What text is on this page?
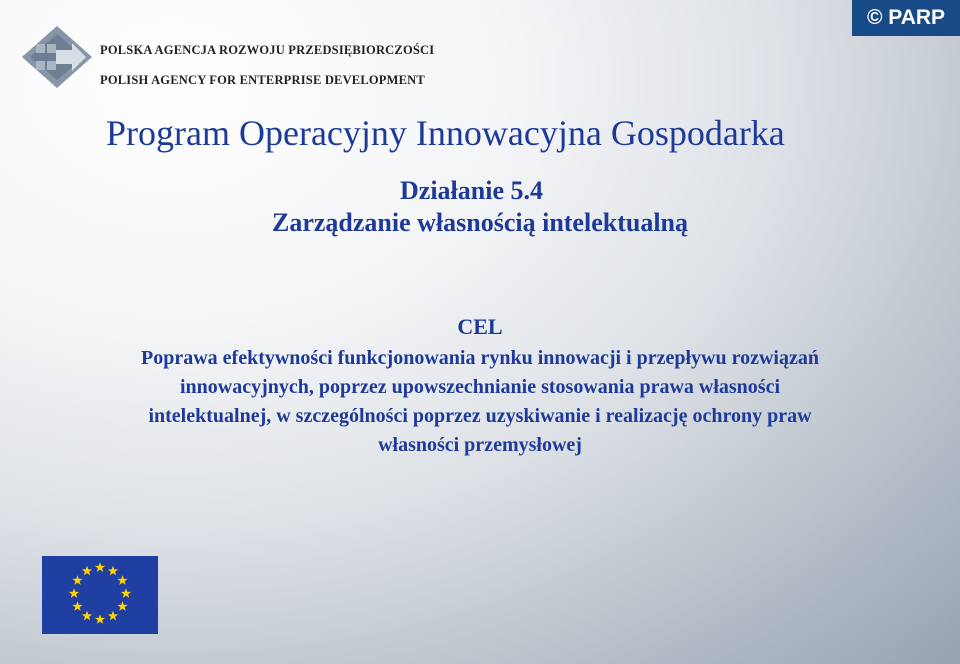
© PARP
POLSKA AGENCJA ROZWOJU PRZEDSIĘBIORCZOŚCI
POLISH AGENCY FOR ENTERPRISE DEVELOPMENT
Program Operacyjny Innowacyjna Gospodarka
Działanie 5.4
Zarządzanie własnością intelektualną
CEL
Poprawa efektywności funkcjonowania rynku innowacji i przepływu rozwiązań
innowacyjnych, poprzez upowszechnianie stosowania prawa własności
intelektualnej, w szczególności poprzez uzyskiwanie i realizację ochrony praw
własności przemysłowej
